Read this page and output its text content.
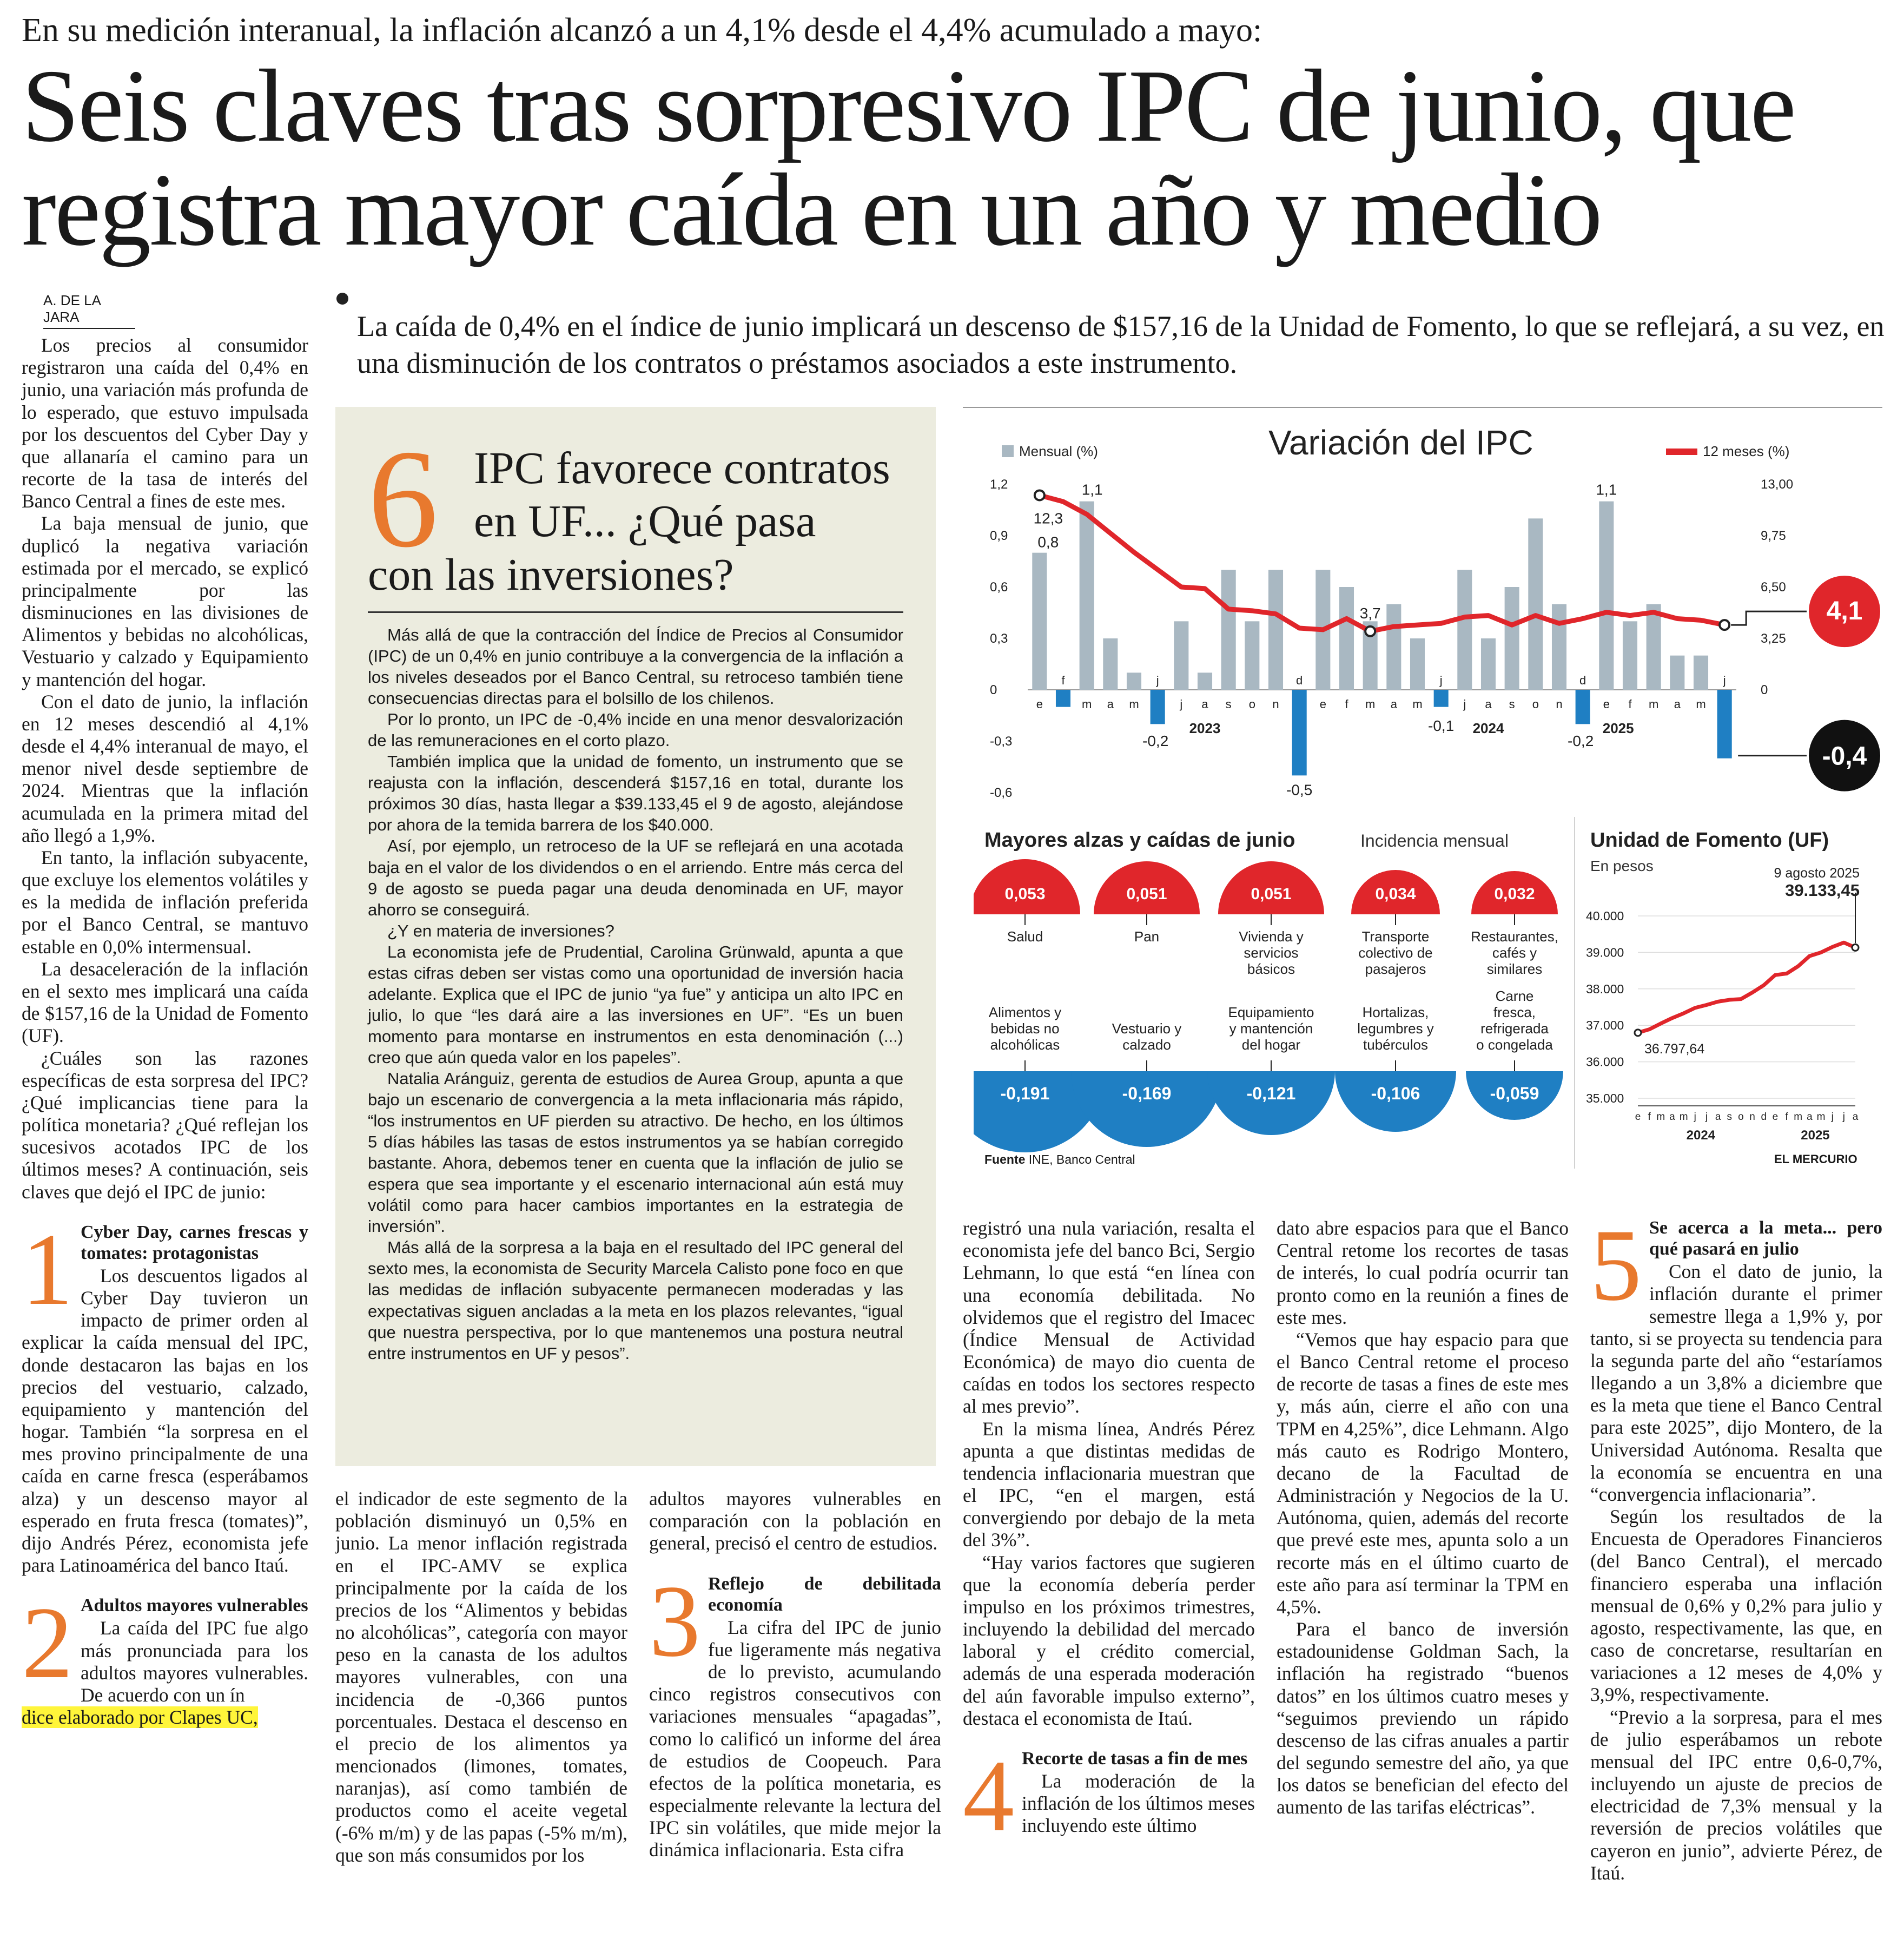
En su medición interanual, la inflación alcanzó a un 4,1% desde el 4,4% acumulado a mayo:
Seis claves tras sorpresivo IPC de junio, que
registra mayor caída en un año y medio
A. DE LA JARA	La caída de 0,4% en el índice de junio implicará un descenso de $157,16 de la Unidad de Fomento, lo que se reflejará, a su vez, en una disminución de los contratos o préstamos asociados a este instrumento.

Los precios al consumidor registraron una caída del 0,4% en junio, una variación más profunda de lo esperado, que estuvo impulsada por los descuentos del Cyber Day y que allanaría el camino para un recorte de la tasa de interés del Banco Central a fines de este mes.

La baja mensual de junio, que duplicó la negativa variación estimada por el mercado, se explicó principalmente por las disminuciones en las divisiones de Alimentos y bebidas no alcohólicas, Vestuario y calzado y Equipamiento y mantención del hogar.

Con el dato de junio, la inflación en 12 meses descendió al 4,1% desde el 4,4% interanual de mayo, el menor nivel desde septiembre de 2024. Mientras que la inflación acumulada en la primera mitad del año llegó a 1,9%.

En tanto, la inflación subyacente, que excluye los elementos volátiles y es la medida de inflación preferida por el Banco Central, se mantuvo estable en 0,0% intermensual.

La desaceleración de la inflación en el sexto mes implicará una caída de $157,16 de la Unidad de Fomento (UF).

¿Cuáles son las razones específicas de esta sorpresa del IPC? ¿Qué implicancias tiene para la política monetaria? ¿Qué reflejan los sucesivos acotados IPC de los últimos meses? A continuación, seis claves que dejó el IPC de junio:

1 Cyber Day, carnes frescas y tomates: protagonistas

Los descuentos ligados al Cyber Day tuvieron un impacto de primer orden al explicar la caída mensual del IPC, donde destacaron las bajas en los precios del vestuario, calzado, equipamiento y mantención del hogar. También “la sorpresa en el mes provino principalmente de una caída en carne fresca (esperábamos alza) y un descenso mayor al esperado en fruta fresca (tomates)”, dijo Andrés Pérez, economista jefe para Latinoamérica del banco Itaú.

2 Adultos mayores vulnerables

La caída del IPC fue algo más pronunciada para los adultos mayores vulnerables. De acuerdo con un ín
dice elaborado por Clapes UC,

6 IPC favorece contratos
en UF... ¿Qué pasa
con las inversiones?

Más allá de que la contracción del Índice de Precios al Consumidor (IPC) de un 0,4% en junio contribuye a la convergencia de la inflación a los niveles deseados por el Banco Central, su retroceso también tiene consecuencias directas para el bolsillo de los chilenos.

Por lo pronto, un IPC de -0,4% incide en una menor desvalorización de las remuneraciones en el corto plazo.

También implica que la unidad de fomento, un instrumento que se reajusta con la inflación, descenderá $157,16 en total, durante los próximos 30 días, hasta llegar a $39.133,45 el 9 de agosto, alejándose por ahora de la temida barrera de los $40.000.

Así, por ejemplo, un retroceso de la UF se reflejará en una acotada baja en el valor de los dividendos o en el arriendo. Entre más cerca del 9 de agosto se pueda pagar una deuda denominada en UF, mayor ahorro se conseguirá.

¿Y en materia de inversiones?

La economista jefe de Prudential, Carolina Grünwald, apunta a que estas cifras deben ser vistas como una oportunidad de inversión hacia adelante. Explica que el IPC de junio “ya fue” y anticipa un alto IPC en julio, lo que “les dará aire a las inversiones en UF”. “Es un buen momento para montarse en instrumentos en esta denominación (...) creo que aún queda valor en los papeles”.

Natalia Aránguiz, gerenta de estudios de Aurea Group, apunta a que bajo un escenario de convergencia a la meta inflacionaria más rápido, “los instrumentos en UF pierden su atractivo. De hecho, en los últimos 5 días hábiles las tasas de estos instrumentos ya se habían corregido bastante. Ahora, debemos tener en cuenta que la inflación de julio se espera que sea importante y el escenario internacional aún está muy volátil como para hacer cambios importantes en la estrategia de inversión”.

Más allá de la sorpresa a la baja en el resultado del IPC general del sexto mes, la economista de Security Marcela Calisto pone foco en que las medidas de inflación subyacente permanecen moderadas y las expectativas siguen ancladas a la meta en los plazos relevantes, “igual que nuestra perspectiva, por lo que mantenemos una postura neutral entre instrumentos en UF y pesos”.

el indicador de este segmento de la población disminuyó un 0,5% en junio. La menor inflación registrada en el IPC-AMV se explica principalmente por la caída de los precios de los “Alimentos y bebidas no alcohólicas”, categoría con mayor peso en la canasta de los adultos mayores vulnerables, con una incidencia de -0,366 puntos porcentuales. Destaca el descenso en el precio de los alimentos ya mencionados (limones, tomates, naranjas), así como también de productos como el aceite vegetal (-6% m/m) y de las papas (-5% m/m), que son más consumidos por los

adultos mayores vulnerables en comparación con la población en general, precisó el centro de estudios.

3 Reflejo de debilitada economía

La cifra del IPC de junio fue ligeramente más negativa de lo previsto, acumulando cinco registros consecutivos con variaciones mensuales “apagadas”, como lo calificó un informe del área de estudios de Coopeuch. Para efectos de la política monetaria, es especialmente relevante la lectura del IPC sin volátiles, que mide mejor la dinámica inflacionaria. Esta cifra

registró una nula variación, resalta el economista jefe del banco Bci, Sergio Lehmann, lo que está “en línea con una economía debilitada. No olvidemos que el registro del Imacec (Índice Mensual de Actividad Económica) de mayo dio cuenta de caídas en todos los sectores respecto al mes previo”.

En la misma línea, Andrés Pérez apunta a que distintas medidas de tendencia inflacionaria muestran que el IPC, “en el margen, está convergiendo por debajo de la meta del 3%”.

“Hay varios factores que sugieren que la economía debería perder impulso en los próximos trimestres, incluyendo la debilidad del mercado laboral y el crédito comercial, además de una esperada moderación del aún favorable impulso externo”, destaca el economista de Itaú.

4 Recorte de tasas a fin de mes

La moderación de la inflación de los últimos meses incluyendo este último

dato abre espacios para que el Banco Central retome los recortes de tasas de interés, lo cual podría ocurrir tan pronto como en la reunión a fines de este mes.

“Vemos que hay espacio para que el Banco Central retome el proceso de recorte de tasas a fines de este mes y, más aún, cierre el año con una TPM en 4,25%”, dice Lehmann. Algo más cauto es Rodrigo Montero, decano de la Facultad de Administración y Negocios de la U. Autónoma, quien, además del recorte que prevé este mes, apunta solo a un recorte más en el último cuarto de este año para así terminar la TPM en 4,5%.

Para el banco de inversión estadounidense Goldman Sach, la inflación ha registrado “buenos datos” en los últimos cuatro meses y “seguimos previendo un rápido descenso de las cifras anuales a partir del segundo semestre del año, ya que los datos se benefician del efecto del aumento de las tarifas eléctricas”.

5 Se acerca a la meta... pero qué pasará en julio

Con el dato de junio, la inflación durante el primer semestre llega a 1,9% y, por tanto, si se proyecta su tendencia para la segunda parte del año “estaríamos llegando a un 3,8% a diciembre que es la meta que tiene el Banco Central para este 2025”, dijo Montero, de la Universidad Autónoma. Resalta que la economía se encuentra en una “convergencia inflacionaria”.

Según los resultados de la Encuesta de Operadores Financieros (del Banco Central), el mercado financiero esperaba una inflación mensual de 0,6% y 0,2% para julio y agosto, respectivamente, las que, en caso de concretarse, resultarían en variaciones a 12 meses de 4,0% y 3,9%, respectivamente.

“Previo a la sorpresa, para el mes de julio esperábamos un rebote mensual del IPC entre 0,6-0,7%, incluyendo un ajuste de precios de electricidad de 7,3% mensual y la reversión de precios volátiles que cayeron en junio”, advierte Pérez, de Itaú.

Variación del IPC
Mensual (%)	12 meses (%)
1,2
0,9
0,6
0,3
0
-0,3
-0,6
13,00
9,75
6,50
3,25
0
e
f
m a m
j
j a s o n
d
e f m a m
j
j a s o n
d
e f m a m
j
2023	2024	2025
12,3
0,8
1,1	1,1
3,7
-0,2
-0,5
-0,1
-0,2
4,1
-0,4
Mayores alzas y caídas de junio	Incidencia mensual
0,053
Salud
0,051
Pan
0,051
Vivienda y
servicios
básicos
0,034
Transporte
colectivo de
pasajeros
0,032
Restaurantes,
cafés y
similares
Alimentos y
bebidas no
alcohólicas
-0,191
Vestuario y
calzado
-0,169
Equipamiento
y mantención
del hogar
-0,121
Hortalizas,
legumbres y
tubérculos
-0,106
Carne
fresca,
refrigerada
o congelada
-0,059
Unidad de Fomento (UF)
En pesos
40.000
39.000
38.000
37.000
36.000
35.000
36.797,64
9 agosto 2025
39.133,45
e f m a m j j a s o n d e f m a m j j a
2024	2025
Fuente INE, Banco Central	EL MERCURIO
